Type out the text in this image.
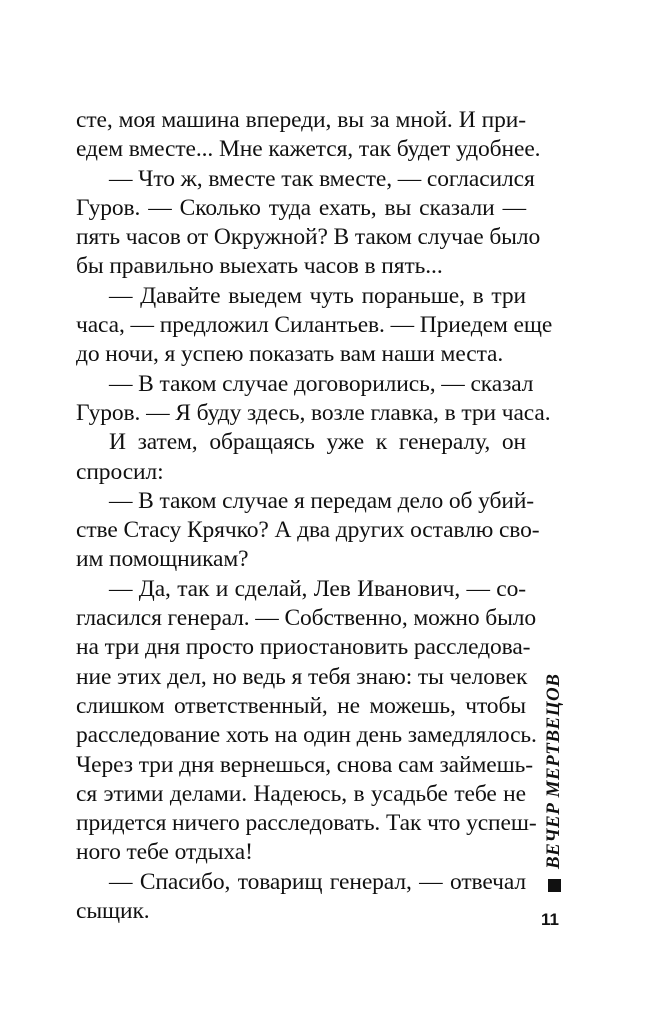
сте, моя машина впереди, вы за мной. И при-
едем вместе... Мне кажется, так будет удобнее.
— Что ж, вместе так вместе, — согласился
Гуров. — Сколько туда ехать, вы сказали —
пять часов от Окружной? В таком случае было
бы правильно выехать часов в пять...
— Давайте выедем чуть пораньше, в три
часа, — предложил Силантьев. — Приедем еще
до ночи, я успею показать вам наши места.
— В таком случае договорились, — сказал
Гуров. — Я буду здесь, возле главка, в три часа.
И затем, обращаясь уже к генералу, он
спросил:
— В таком случае я передам дело об убий-
стве Стасу Крячко? А два других оставлю сво-
им помощникам?
— Да, так и сделай, Лев Иванович, — со-
гласился генерал. — Собственно, можно было
на три дня просто приостановить расследова-
ние этих дел, но ведь я тебя знаю: ты человек
слишком ответственный, не можешь, чтобы
расследование хоть на один день замедлялось.
Через три дня вернешься, снова сам займешь-
ся этими делами. Надеюсь, в усадьбе тебе не
придется ничего расследовать. Так что успеш-
ного тебе отдыха!
— Спасибо, товарищ генерал, — отвечал
сыщик.
ВЕЧЕР МЕРТВЕЦОВ
11
